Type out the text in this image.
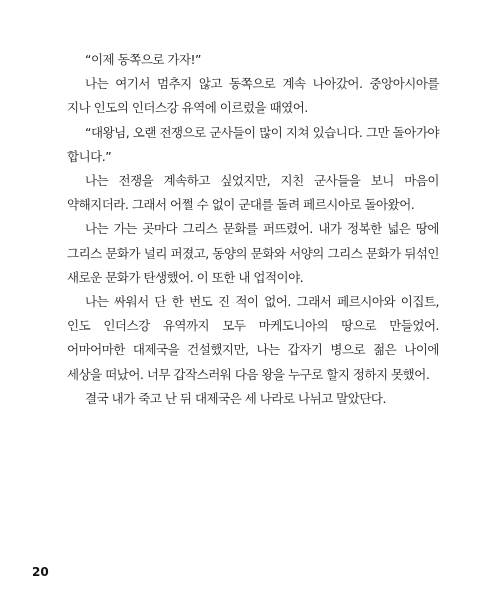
“이제 동쪽으로 가자!”

나는 여기서 멈추지 않고 동쪽으로 계속 나아갔어. 중앙아시아를 지나 인도의 인더스강 유역에 이르렀을 때였어.

“대왕님, 오랜 전쟁으로 군사들이 많이 지쳐 있습니다. 그만 돌아가야 합니다.”

나는 전쟁을 계속하고 싶었지만, 지친 군사들을 보니 마음이 약해지더라. 그래서 어쩔 수 없이 군대를 돌려 페르시아로 돌아왔어.

나는 가는 곳마다 그리스 문화를 퍼뜨렸어. 내가 정복한 넓은 땅에 그리스 문화가 널리 퍼졌고, 동양의 문화와 서양의 그리스 문화가 뒤섞인 새로운 문화가 탄생했어. 이 또한 내 업적이야.

나는 싸워서 단 한 번도 진 적이 없어. 그래서 페르시아와 이집트, 인도 인더스강 유역까지 모두 마케도니아의 땅으로 만들었어. 어마어마한 대제국을 건설했지만, 나는 갑자기 병으로 젊은 나이에 세상을 떠났어. 너무 갑작스러워 다음 왕을 누구로 할지 정하지 못했어.

결국 내가 죽고 난 뒤 대제국은 세 나라로 나뉘고 말았단다.

20
